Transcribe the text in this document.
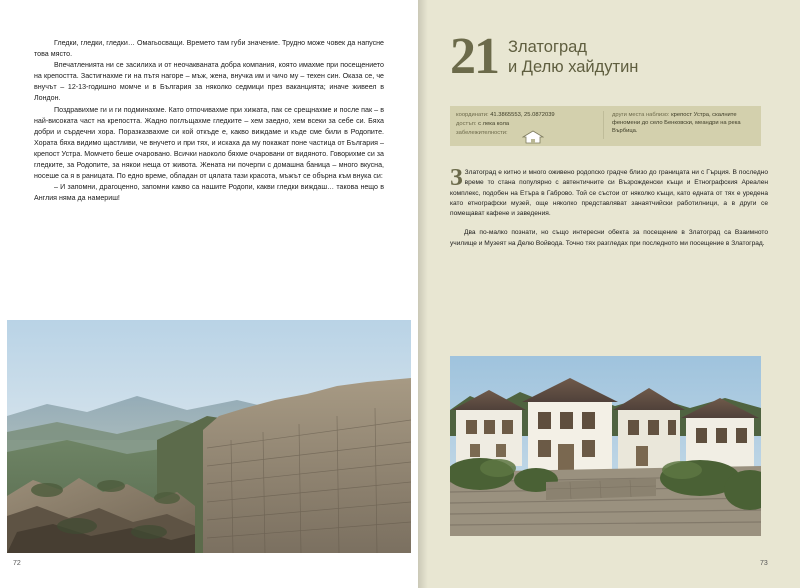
Гледки, гледки, гледки… Омагьосващи. Времето там губи значение. Трудно може човек да напусне това място.

Впечатленията ни се засилиха и от неочакваната добра компания, която имахме при посещението на крепостта. Застигнахме ги на пътя нагоре – мъж, жена, внучка им и чичо му – техен син. Оказа се, че внучът – 12-13-годишно момче и в България за няколко седмици през ваканцията; иначе живеел в Лондон.

Поздравихме ги и ги подминахме. Като отпочивахме при хижата, пак се срещнахме и после пак – в най-високата част на крепостта. Жадно поглъщахме гледките – хем заедно, хем всеки за себе си. Бяха добри и сърдечни хора. Поразказвахме си кой откъде е, какво виждаме и къде сме били в Родопите. Хората бяха видимо щастливи, че внучето и при тях, и искаха да му покажат поне частица от България – крепост Устра. Момчето беше очаровано. Всички наоколо бяхме очаровани от видяното. Говорихме си за гледките, за Родопите, за някои неща от живота. Жената ни почерпи с домашна баница – много вкусна, носеше са я в раницата. По едно време, обладан от цялата тази красота, мъжът се обърна към внука си:

– И запомни, драгоценно, запомни какво са нашите Родопи, какви гледки виждаш… такова нещо в Англия няма да намериш!

72
21 Златоград
и Делю хайдутин
координати: 41.3865553, 25.0872039
достъп: с лека кола
забележителности:
други места наблизо: крепост Устра, скалните феномени до село Бенковски, меандри на река Върбица.

З Златоград е китно и много оживено родопско градче близо до границата ни с Гърция. В последно време то стана популярно с автентичните си Възрожденски къщи и Етнографския Ареален комплекс, подобен на Етъра в Габрово. Той се състои от няколко къщи, като едната от тях е уредена като етнографски музей, още няколко представляват занаятчийски работилници, а в други се помещават кафене и заведения.

Два по-малко познати, но също интересни обекта за посещение в Златоград са Взаимното училище и Музеят на Делю Войвода. Точно тях разгледах при последното ми посещение в Златоград.

73
